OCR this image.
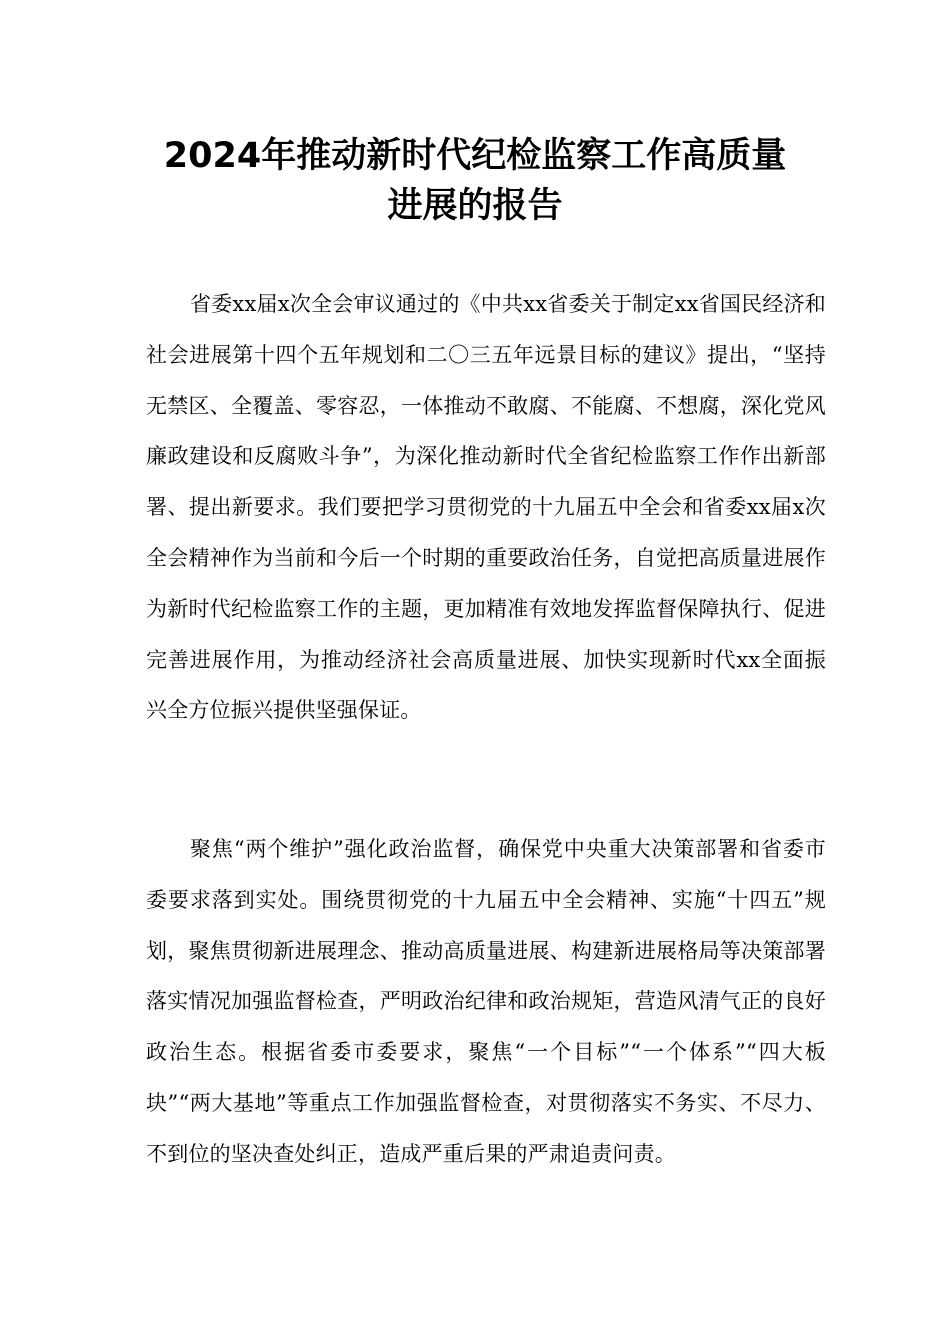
2024年推动新时代纪检监察工作高质量
进展的报告

省委xx届x次全会审议通过的《中共xx省委关于制定xx省国民经济和社会进展第十四个五年规划和二〇三五年远景目标的建议》提出，“坚持无禁区、全覆盖、零容忍，一体推动不敢腐、不能腐、不想腐，深化党风廉政建设和反腐败斗争”，为深化推动新时代全省纪检监察工作作出新部署、提出新要求。我们要把学习贯彻党的十九届五中全会和省委xx届x次全会精神作为当前和今后一个时期的重要政治任务，自觉把高质量进展作为新时代纪检监察工作的主题，更加精准有效地发挥监督保障执行、促进完善进展作用，为推动经济社会高质量进展、加快实现新时代xx全面振兴全方位振兴提供坚强保证。

聚焦“两个维护”强化政治监督，确保党中央重大决策部署和省委市委要求落到实处。围绕贯彻党的十九届五中全会精神、实施“十四五”规划，聚焦贯彻新进展理念、推动高质量进展、构建新进展格局等决策部署落实情况加强监督检查，严明政治纪律和政治规矩，营造风清气正的良好政治生态。根据省委市委要求，聚焦“一个目标”“一个体系”“四大板块”“两大基地”等重点工作加强监督检查，对贯彻落实不务实、不尽力、不到位的坚决查处纠正，造成严重后果的严肃追责问责。
